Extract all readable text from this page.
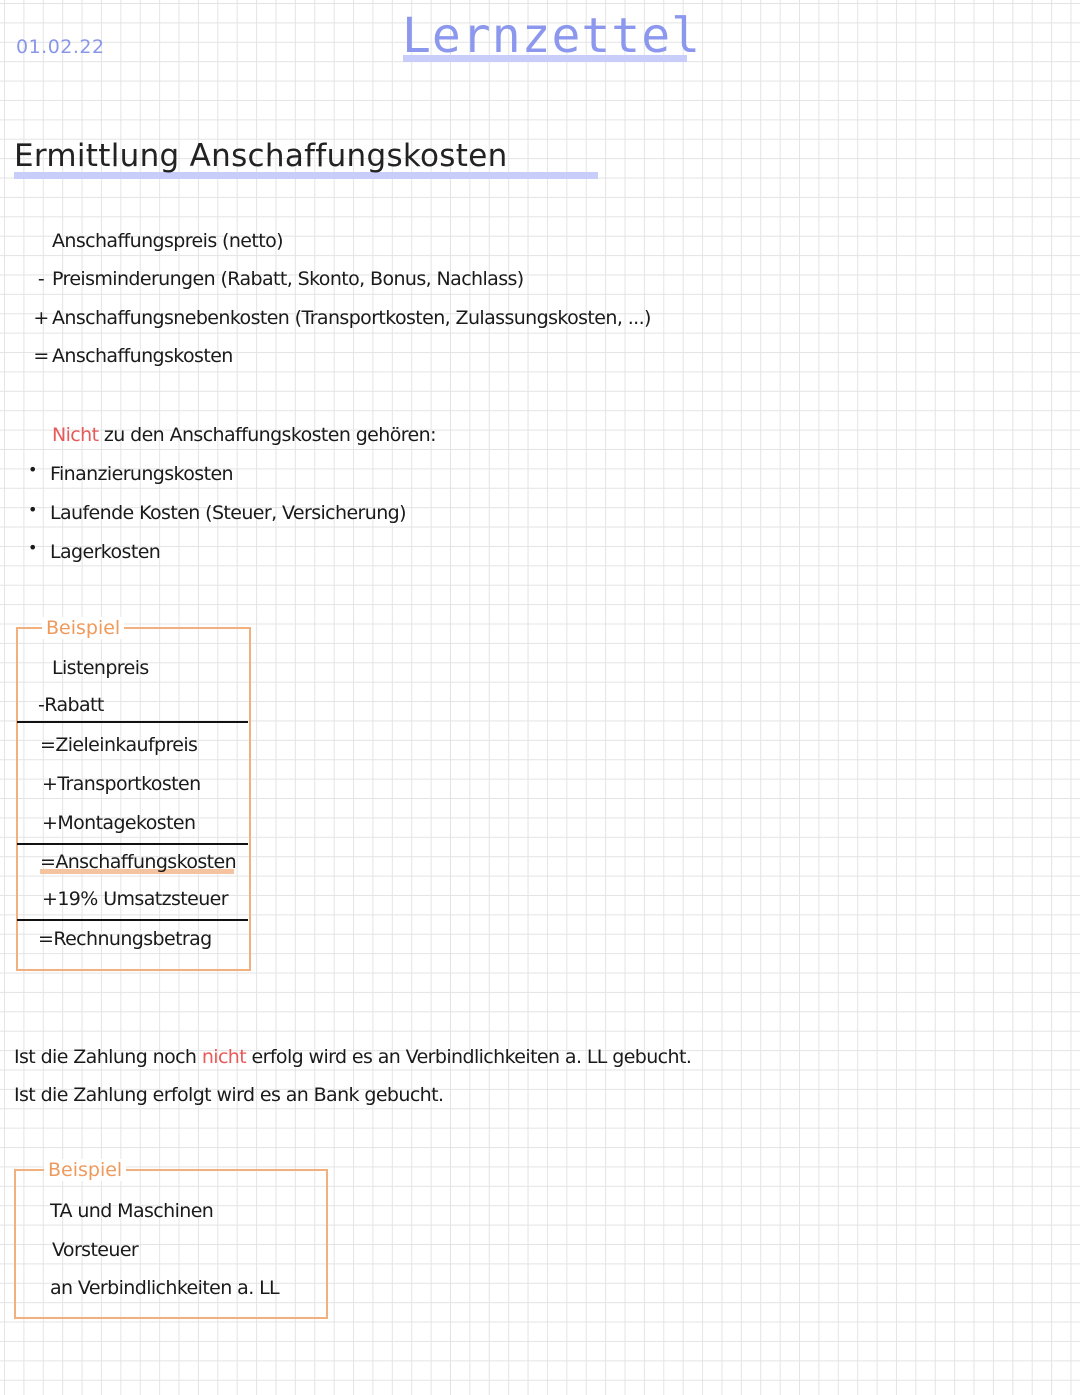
01.02.22	Lernzettel
Ermittlung Anschaffungskosten
Anschaffungspreis (netto)
- Preisminderungen (Rabatt, Skonto, Bonus, Nachlass)
+ Anschaffungsnebenkosten (Transportkosten, Zulassungskosten, ...)
= Anschaffungskosten
Nicht zu den Anschaffungskosten gehören:
• Finanzierungskosten
• Laufende Kosten (Steuer, Versicherung)
• Lagerkosten
Beispiel
Listenpreis
-Rabatt
=Zieleinkaufpreis
+Transportkosten
+Montagekosten
=Anschaffungskosten
+19% Umsatzsteuer
=Rechnungsbetrag
Ist die Zahlung noch nicht erfolg wird es an Verbindlichkeiten a. LL gebucht.
Ist die Zahlung erfolgt wird es an Bank gebucht.
Beispiel
TA und Maschinen
Vorsteuer
an Verbindlichkeiten a. LL
